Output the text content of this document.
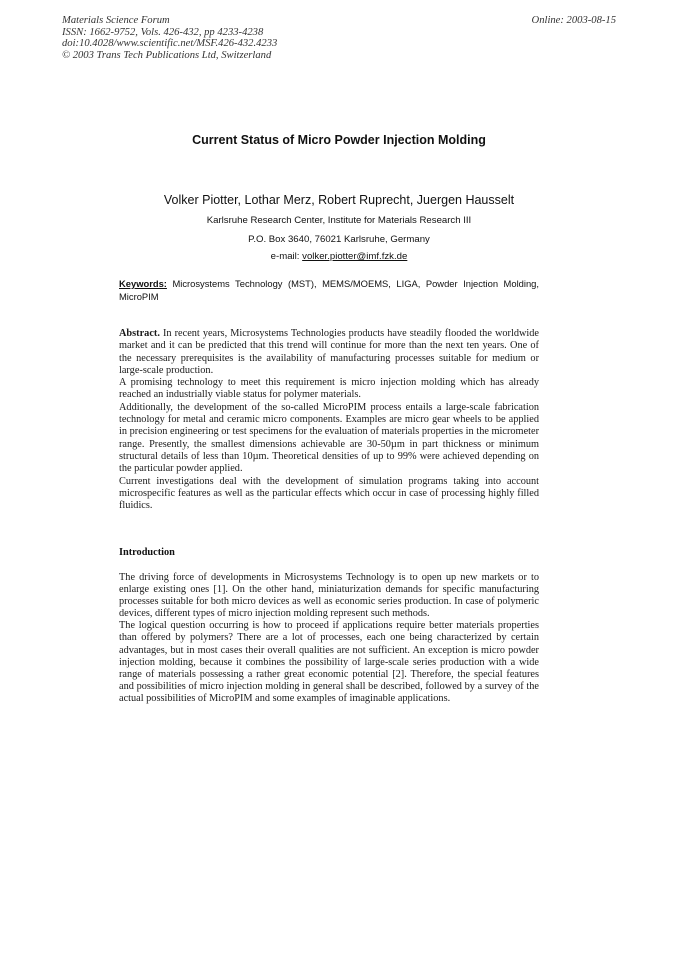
Materials Science Forum
ISSN: 1662-9752, Vols. 426-432, pp 4233-4238
doi:10.4028/www.scientific.net/MSF.426-432.4233
© 2003 Trans Tech Publications Ltd, Switzerland
Online: 2003-08-15
Current Status of Micro Powder Injection Molding
Volker Piotter, Lothar Merz, Robert Ruprecht, Juergen Hausselt
Karlsruhe Research Center, Institute for Materials Research III
P.O. Box 3640, 76021 Karlsruhe, Germany
e-mail: volker.piotter@imf.fzk.de
Keywords: Microsystems Technology (MST), MEMS/MOEMS, LIGA, Powder Injection Molding, MicroPIM

Abstract. In recent years, Microsystems Technologies products have steadily flooded the worldwide market and it can be predicted that this trend will continue for more than the next ten years. One of the necessary prerequisites is the availability of manufacturing processes suitable for medium or large-scale production.

A promising technology to meet this requirement is micro injection molding which has already reached an industrially viable status for polymer materials.

Additionally, the development of the so-called MicroPIM process entails a large-scale fabrication technology for metal and ceramic micro components. Examples are micro gear wheels to be applied in precision engineering or test specimens for the evaluation of materials properties in the micrometer range. Presently, the smallest dimensions achievable are 30-50µm in part thickness or minimum structural details of less than 10µm. Theoretical densities of up to 99% were achieved depending on the particular powder applied.

Current investigations deal with the development of simulation programs taking into account microspecific features as well as the particular effects which occur in case of processing highly filled fluidics.

Introduction

The driving force of developments in Microsystems Technology is to open up new markets or to enlarge existing ones [1]. On the other hand, miniaturization demands for specific manufacturing processes suitable for both micro devices as well as economic series production. In case of polymeric devices, different types of micro injection molding represent such methods.

The logical question occurring is how to proceed if applications require better materials properties than offered by polymers? There are a lot of processes, each one being characterized by certain advantages, but in most cases their overall qualities are not sufficient. An exception is micro powder injection molding, because it combines the possibility of large-scale series production with a wide range of materials possessing a rather great economic potential [2]. Therefore, the special features and possibilities of micro injection molding in general shall be described, followed by a survey of the actual possibilities of MicroPIM and some examples of imaginable applications.
